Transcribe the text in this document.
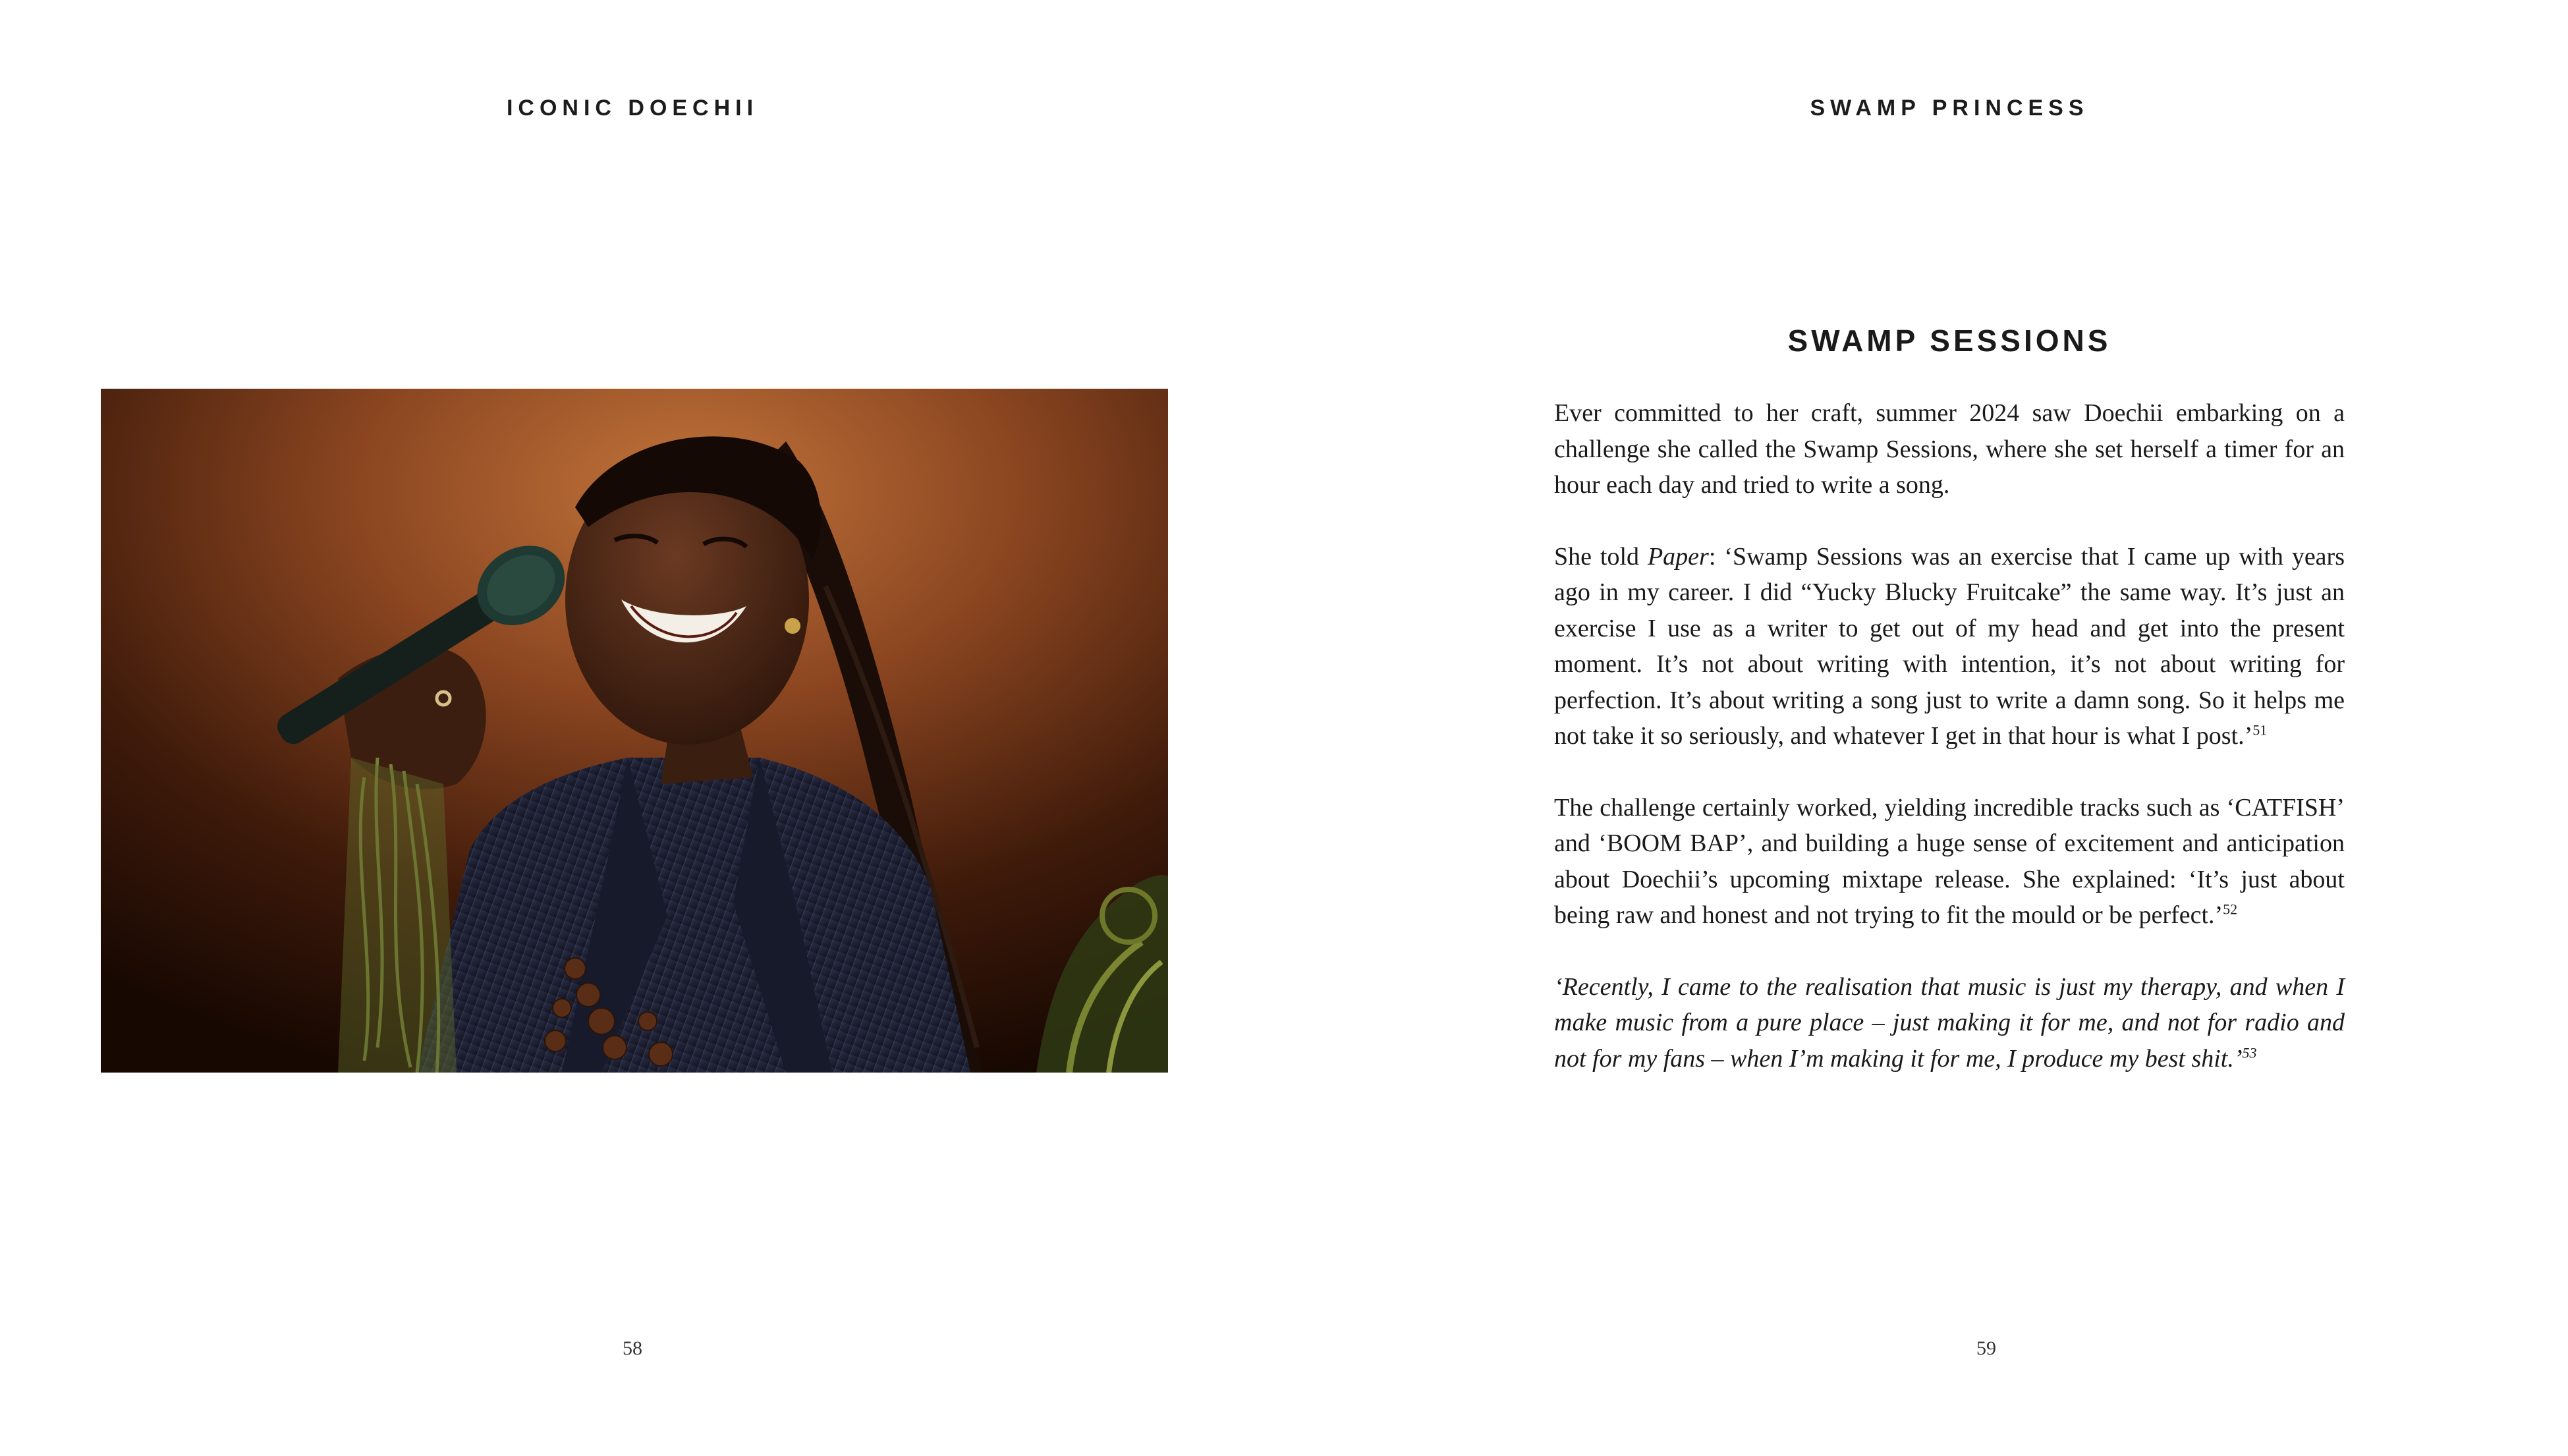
ICONIC DOECHII
58
SWAMP PRINCESS
SWAMP SESSIONS

Ever committed to her craft, summer 2024 saw Doechii embarking on a challenge she called the Swamp Sessions, where she set herself a timer for an hour each day and tried to write a song.

She told Paper: ‘Swamp Sessions was an exercise that I came up with years ago in my career. I did “Yucky Blucky Fruitcake” the same way. It’s just an exercise I use as a writer to get out of my head and get into the present moment. It’s not about writing with intention, it’s not about writing for perfection. It’s about writing a song just to write a damn song. So it helps me not take it so seriously, and whatever I get in that hour is what I post.’$^{51}$

The challenge certainly worked, yielding incredible tracks such as ‘CATFISH’ and ‘BOOM BAP’, and building a huge sense of excitement and anticipation about Doechii’s upcoming mixtape release. She explained: ‘It’s just about being raw and honest and not trying to fit the mould or be perfect.’$^{52}$

‘Recently, I came to the realisation that music is just my therapy, and when I make music from a pure place – just making it for me, and not for radio and not for my fans – when I’m making it for me, I produce my best shit.’$^{53}$

59
